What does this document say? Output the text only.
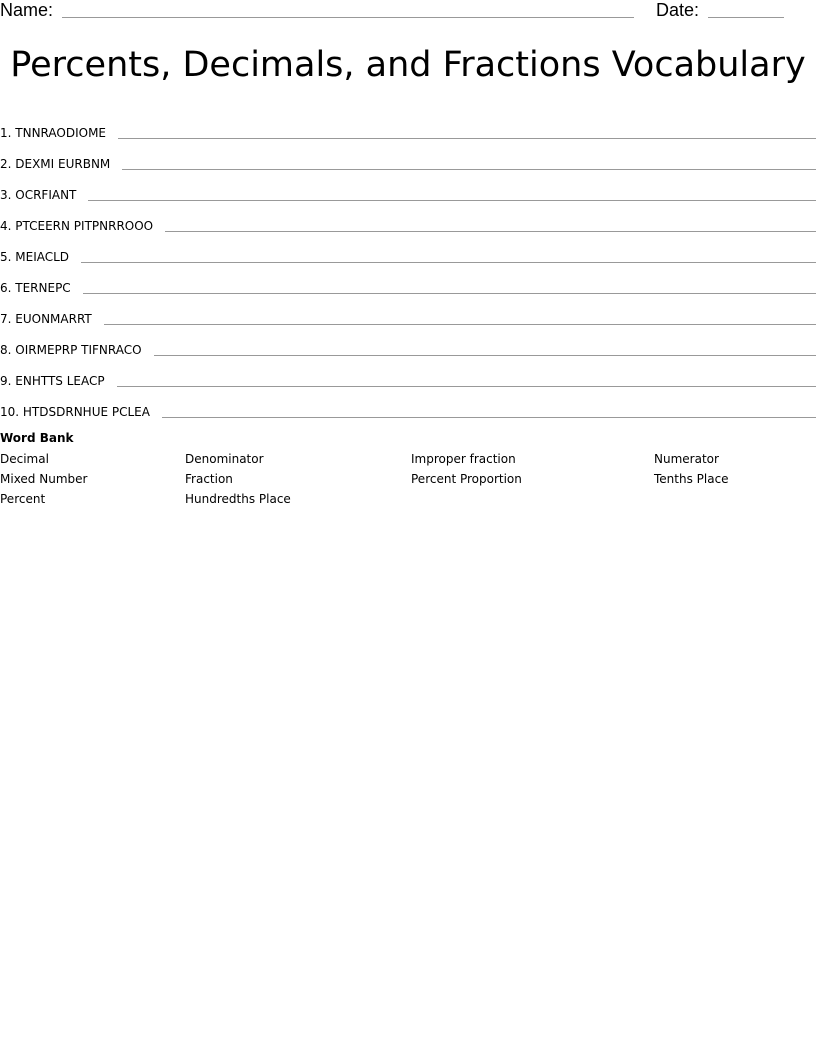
Name:	Date:
Percents, Decimals, and Fractions Vocabulary
1. TNNRAODIOME
2. DEXMI EURBNM
3. OCRFIANT
4. PTCEERN PITPNRROOO
5. MEIACLD
6. TERNEPC
7. EUONMARRT
8. OIRMEPRP TIFNRACO
9. ENHTTS LEACP
10. HTDSDRNHUE PCLEA
Word Bank
Decimal	Denominator	Improper fraction	Numerator
Mixed Number	Fraction	Percent Proportion	Tenths Place
Percent	Hundredths Place
